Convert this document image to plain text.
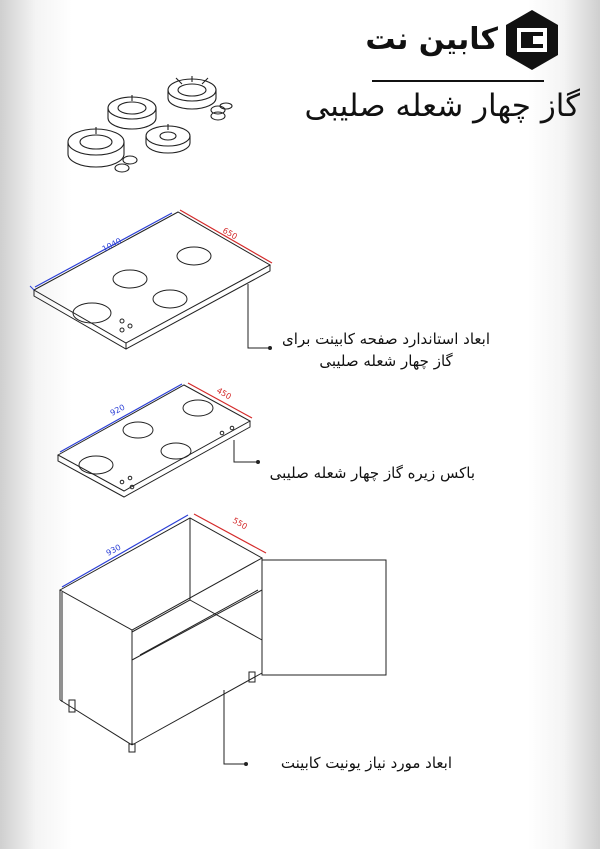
کابین نت
گاز چهار شعله صلیبی
1040
650
920
450
930
550
ابعاد استاندارد صفحه کابینت برای
گاز چهار شعله صلیبی
باکس زیره گاز چهار شعله صلیبی
ابعاد مورد نیاز یونیت کابینت
